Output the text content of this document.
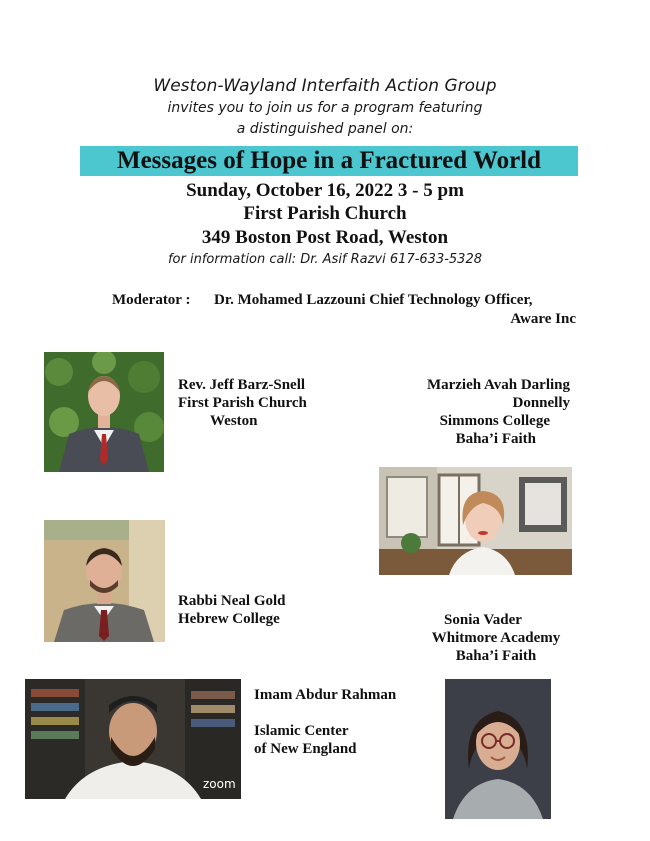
Weston-Wayland Interfaith Action Group
invites you to join us for a program featuring
a distinguished panel on:
Messages of Hope in a Fractured World
Sunday, October 16, 2022 3 - 5 pm
First Parish Church
349 Boston Post Road, Weston
for information call: Dr. Asif Razvi 617-633-5328
Moderator : Dr. Mohamed Lazzouni Chief Technology Officer,
Aware Inc
Rev. Jeff Barz-Snell
First Parish Church
Weston
Marzieh Avah Darling
Donnelly
Simmons College
Baha’i Faith
Rabbi Neal Gold
Hebrew College	Sonia Vader
Whitmore Academy
Baha’i Faith
zoom
Imam Abdur Rahman
Islamic Center
of New England
